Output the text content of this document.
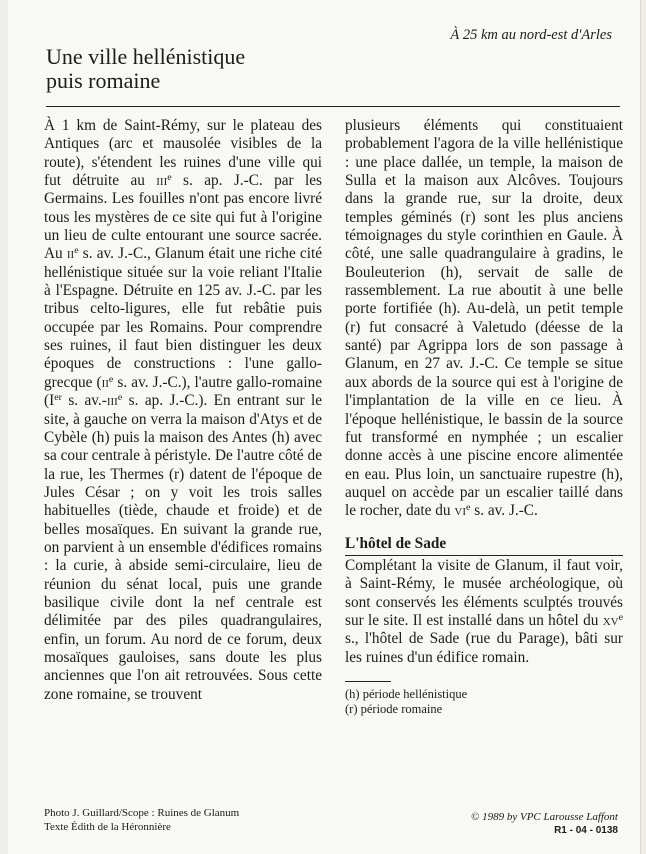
À 25 km au nord-est d'Arles
Une ville hellénistique
puis romaine

À 1 km de Saint-Rémy, sur le plateau des Antiques (arc et mausolée visibles de la route), s'étendent les ruines d'une ville qui fut détruite au iii$^e$ s. ap. J.-C. par les Germains. Les fouilles n'ont pas encore livré tous les mystères de ce site qui fut à l'origine un lieu de culte entourant une source sacrée. Au $ii^e$ s. av. J.-C., Glanum était une riche cité hellénistique située sur la voie reliant l'Italie à l'Espagne. Détruite en 125 av. J.-C. par les tribus celto-ligures, elle fut rebâtie puis occupée par les Romains. Pour comprendre ses ruines, il faut bien distinguer les deux époques de constructions : l'une gallo-grecque ($ii^e$ s. av. J.-C.), l'autre gallo-romaine (Ier s. av.-iii$^e$ s. ap. J.-C.). En entrant sur le site, à gauche on verra la maison d'Atys et de Cybèle (h) puis la maison des Antes (h) avec sa cour centrale à péristyle. De l'autre côté de la rue, les Thermes (r) datent de l'époque de Jules César ; on y voit les trois salles habituelles (tiède, chaude et froide) et de belles mosaïques. En suivant la grande rue, on parvient à un ensemble d'édifices romains : la curie, à abside semi-circulaire, lieu de réunion du sénat local, puis une grande basilique civile dont la nef centrale est délimitée par des piles quadrangulaires, enfin, un forum. Au nord de ce forum, deux mosaïques gauloises, sans doute les plus anciennes que l'on ait retrouvées. Sous cette zone romaine, se trouvent

plusieurs éléments qui constituaient probablement l'agora de la ville hellénistique : une place dallée, un temple, la maison de Sulla et la maison aux Alcôves. Toujours dans la grande rue, sur la droite, deux temples géminés (r) sont les plus anciens témoignages du style corinthien en Gaule. À côté, une salle quadrangulaire à gradins, le Bouleuterion (h), servait de salle de rassemblement. La rue aboutit à une belle porte fortifiée (h). Au-delà, un petit temple (r) fut consacré à Valetudo (déesse de la santé) par Agrippa lors de son passage à Glanum, en 27 av. J.-C. Ce temple se situe aux abords de la source qui est à l'origine de l'implantation de la ville en ce lieu. À l'époque hellénistique, le bassin de la source fut transformé en nymphée ; un escalier donne accès à une piscine encore alimentée en eau. Plus loin, un sanctuaire rupestre (h), auquel on accède par un escalier taillé dans le rocher, date du $vi^e$ s. av. J.-C.

L'hôtel de Sade

Complétant la visite de Glanum, il faut voir, à Saint-Rémy, le musée archéologique, où sont conservés les éléments sculptés trouvés sur le site. Il est installé dans un hôtel du $xv^e$ s., l'hôtel de Sade (rue du Parage), bâti sur les ruines d'un édifice romain.

(h) période hellénistique
(r) période romaine
Photo J. Guillard/Scope : Ruines de Glanum
Texte Édith de la Héronnière
© 1989 by VPC Larousse Laffont
R1 - 04 - 0138
